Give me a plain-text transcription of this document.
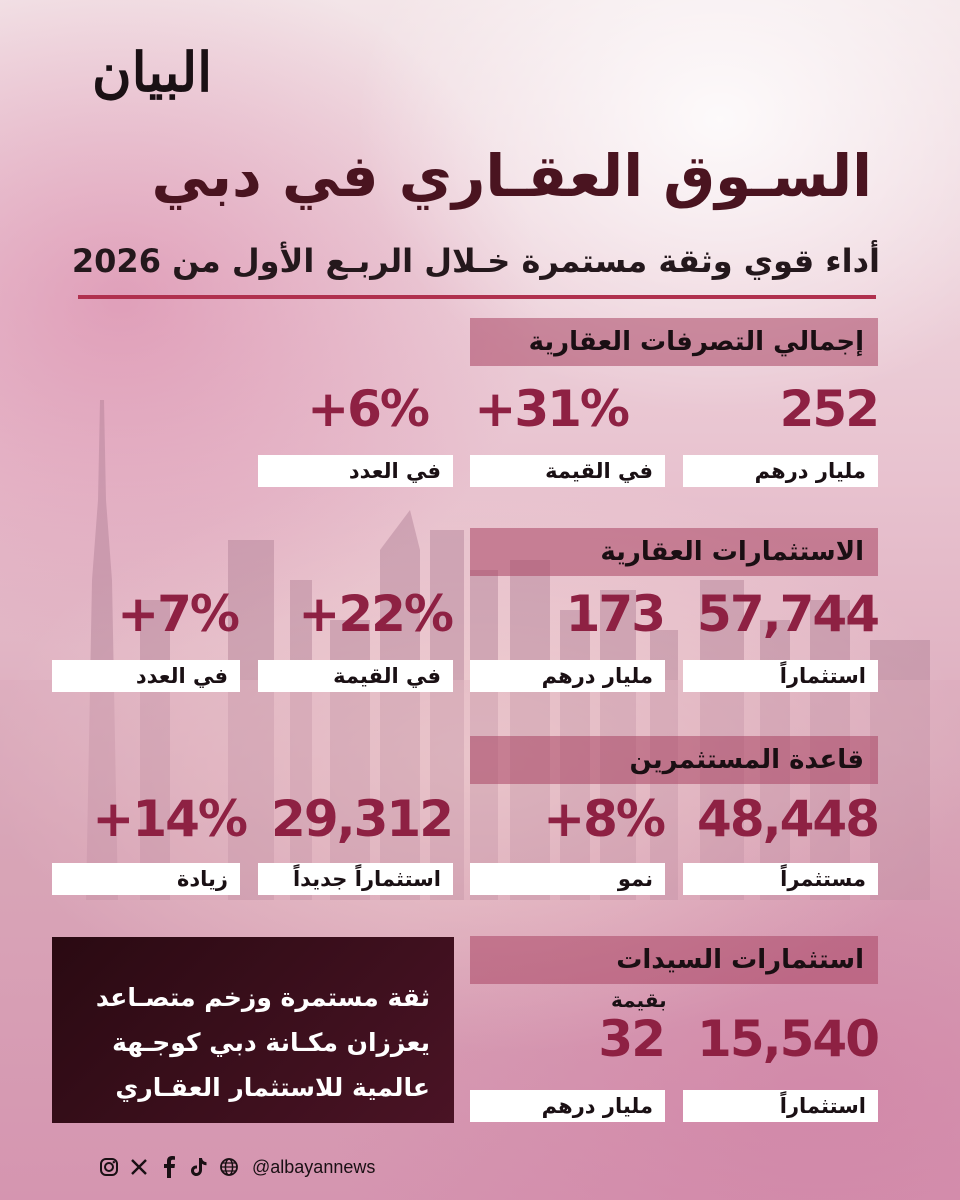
البيان
السـوق العقـاري في دبي
أداء قوي وثقة مستمرة خـلال الربـع الأول من 2026
إجمالي التصرفات العقارية
252
مليار درهم
+31%
في القيمة
+6%
في العدد
الاستثمارات العقارية
57,744
استثماراً
173
مليار درهم
+22%
في القيمة
+7%
في العدد
قاعدة المستثمرين
48,448
مستثمراً
+8%
نمو
29,312
استثماراً جديداً
+14%
زيادة
استثمارات السيدات
15,540
استثماراً
بقيمة
32
مليار درهم
ثقة مستمرة وزخم متصـاعد
يعززان مكـانة دبي كوجـهة
عالمية للاستثمار العقـاري
@albayannews
